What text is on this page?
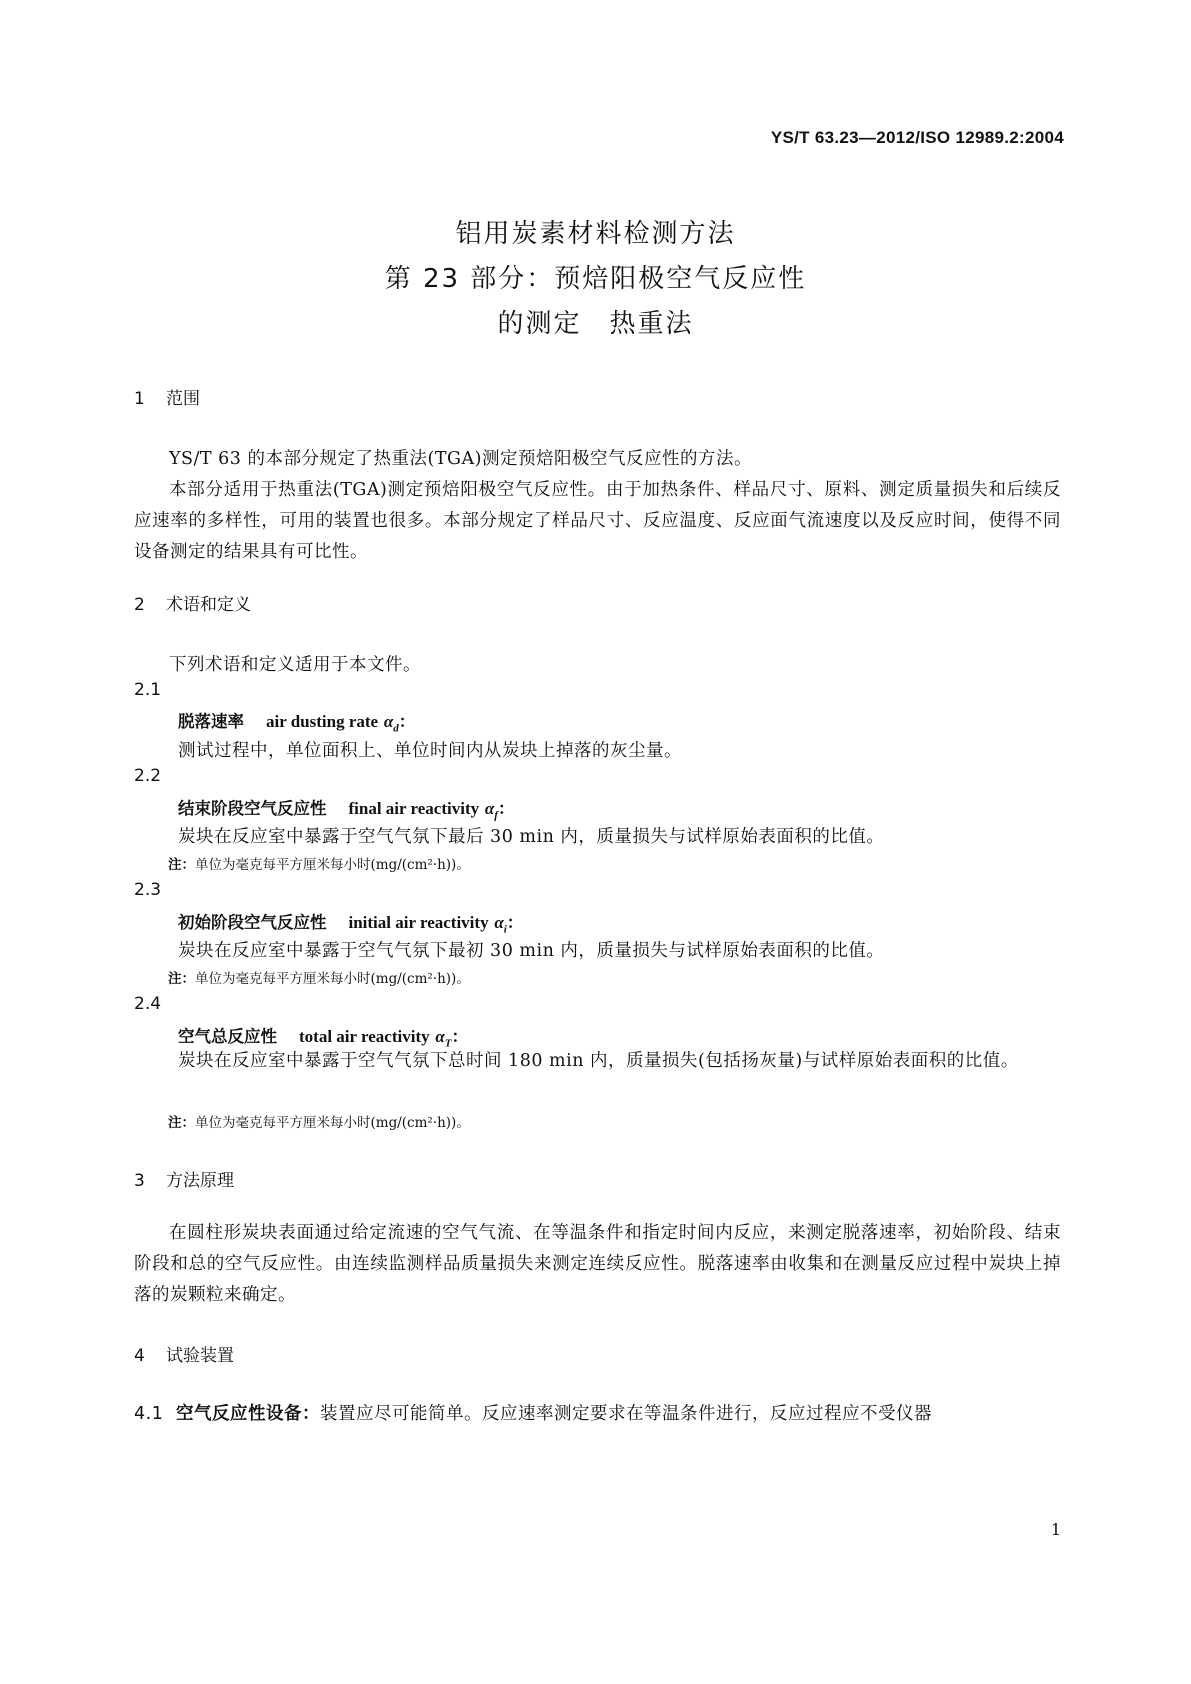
YS/T 63.23—2012/ISO 12989.2:2004
铝用炭素材料检测方法
第 23 部分：预焙阳极空气反应性
的测定　热重法
1 范围
YS/T 63 的本部分规定了热重法(TGA)测定预焙阳极空气反应性的方法。
本部分适用于热重法(TGA)测定预焙阳极空气反应性。由于加热条件、样品尺寸、原料、测定质量损失和后续反应速率的多样性，可用的装置也很多。本部分规定了样品尺寸、反应温度、反应面气流速度以及反应时间，使得不同设备测定的结果具有可比性。
2 术语和定义
下列术语和定义适用于本文件。
2.1
脱落速率 air dusting rate $\alpha_d$：
测试过程中，单位面积上、单位时间内从炭块上掉落的灰尘量。
2.2
结束阶段空气反应性 final air reactivity $\alpha_f$：
炭块在反应室中暴露于空气气氛下最后 30 min 内，质量损失与试样原始表面积的比值。
注：单位为毫克每平方厘米每小时(mg/(cm²·h))。
2.3
初始阶段空气反应性 initial air reactivity $\alpha_i$：
炭块在反应室中暴露于空气气氛下最初 30 min 内，质量损失与试样原始表面积的比值。
注：单位为毫克每平方厘米每小时(mg/(cm²·h))。
2.4
空气总反应性 total air reactivity $\alpha_T$：
炭块在反应室中暴露于空气气氛下总时间 180 min 内，质量损失(包括扬灰量)与试样原始表面积的比值。
注：单位为毫克每平方厘米每小时(mg/(cm²·h))。
3 方法原理
在圆柱形炭块表面通过给定流速的空气气流、在等温条件和指定时间内反应，来测定脱落速率，初始阶段、结束阶段和总的空气反应性。由连续监测样品质量损失来测定连续反应性。脱落速率由收集和在测量反应过程中炭块上掉落的炭颗粒来确定。
4 试验装置
4.1 空气反应性设备：装置应尽可能简单。反应速率测定要求在等温条件进行，反应过程应不受仪器
1
